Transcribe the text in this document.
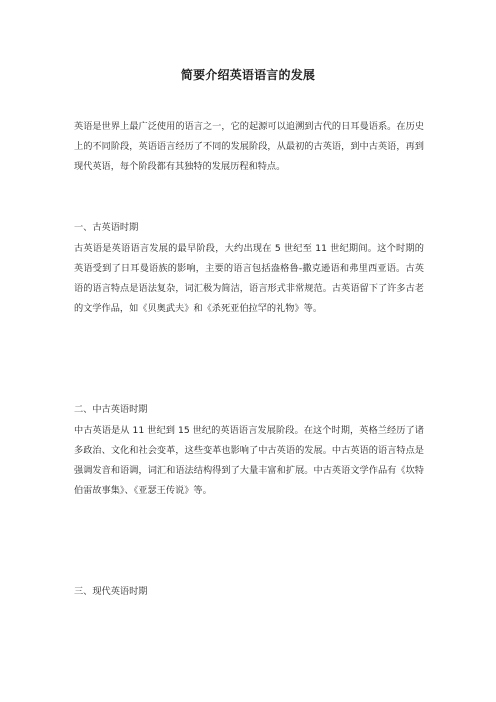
简要介绍英语语言的发展

英语是世界上最广泛使用的语言之一，它的起源可以追溯到古代的日耳曼语系。在历史上的不同阶段，英语语言经历了不同的发展阶段，从最初的古英语，到中古英语，再到现代英语，每个阶段都有其独特的发展历程和特点。

一、古英语时期

古英语是英语语言发展的最早阶段，大约出现在 5 世纪至 11 世纪期间。这个时期的英语受到了日耳曼语族的影响，主要的语言包括盎格鲁-撒克逊语和弗里西亚语。古英语的语言特点是语法复杂，词汇极为简洁，语言形式非常规范。古英语留下了许多古老的文学作品，如《贝奥武夫》和《杀死亚伯拉罕的礼物》等。

二、中古英语时期

中古英语是从 11 世纪到 15 世纪的英语语言发展阶段。在这个时期，英格兰经历了诸多政治、文化和社会变革，这些变革也影响了中古英语的发展。中古英语的语言特点是强调发音和语调，词汇和语法结构得到了大量丰富和扩展。中古英语文学作品有《坎特伯雷故事集》、《亚瑟王传说》等。

三、现代英语时期
